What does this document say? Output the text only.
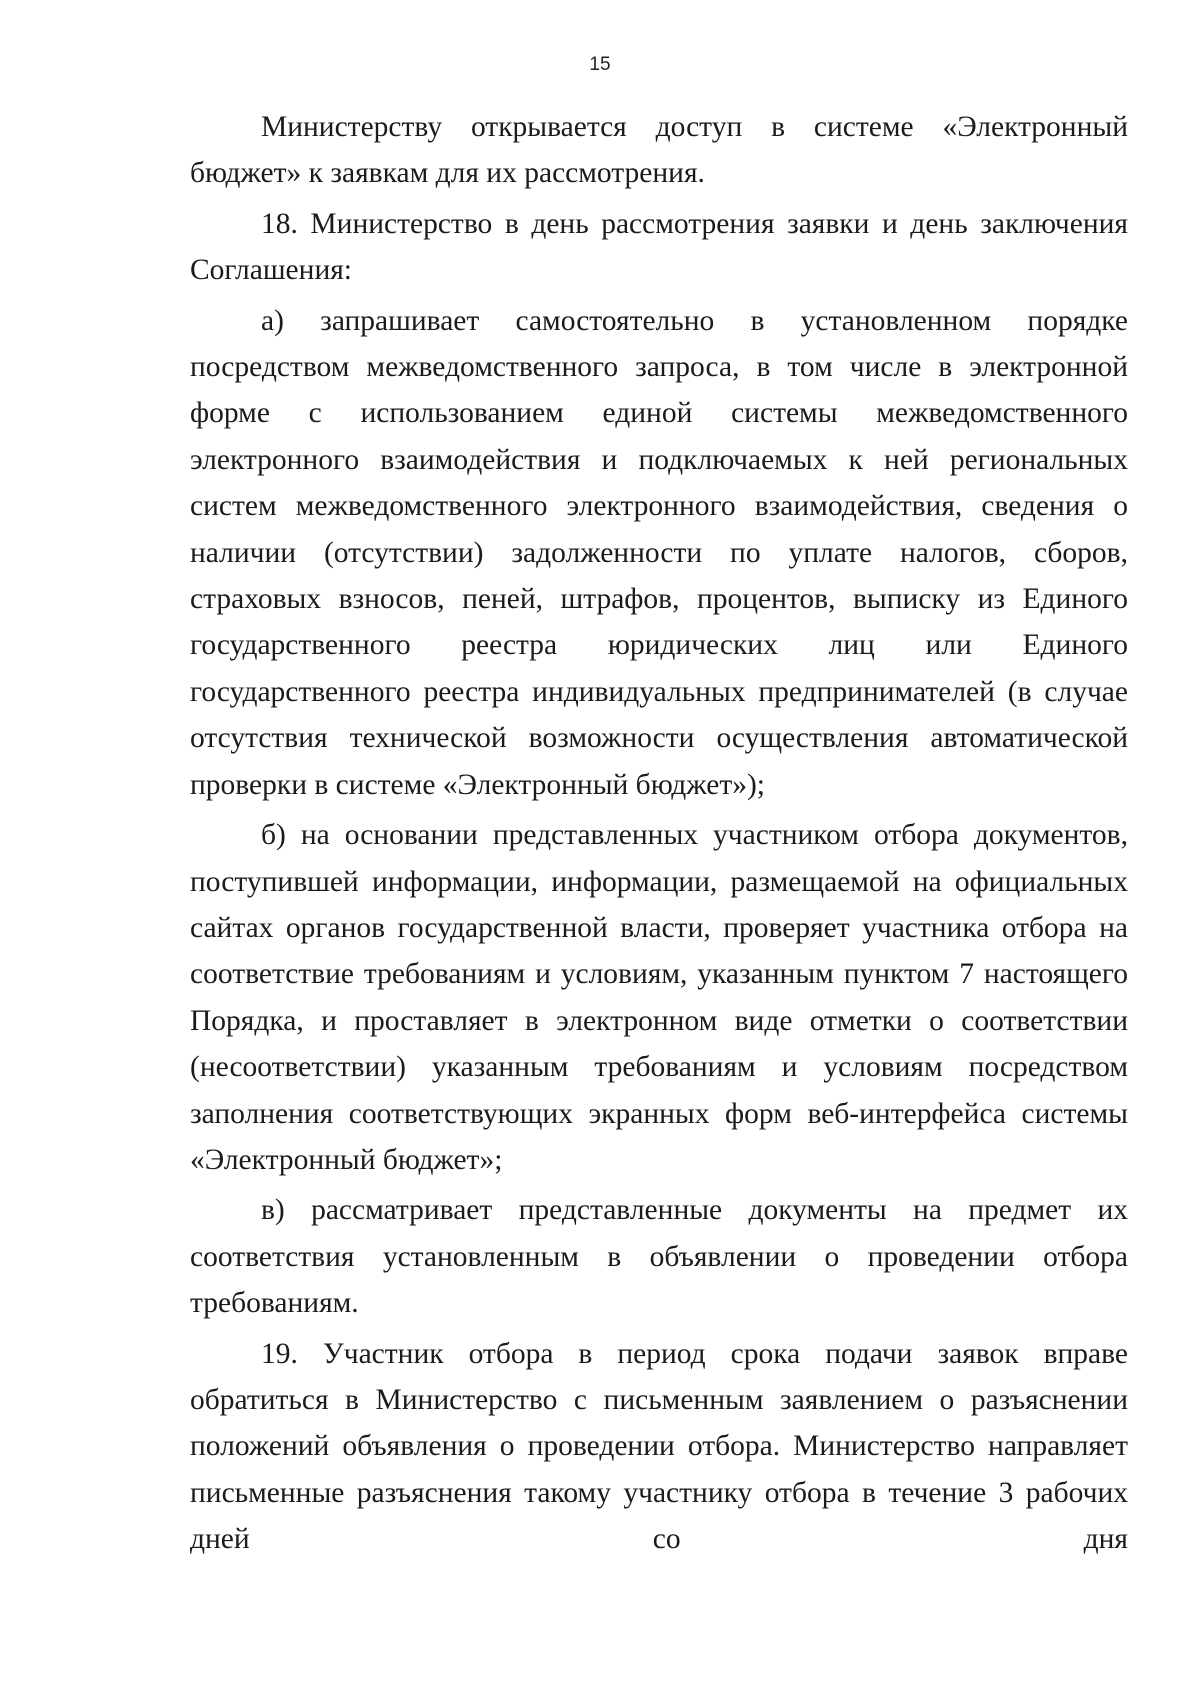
15

Министерству открывается доступ в системе «Электронный бюджет» к заявкам для их рассмотрения.

18. Министерство в день рассмотрения заявки и день заключения Соглашения:

а) запрашивает самостоятельно в установленном порядке посредством межведомственного запроса, в том числе в электронной форме с использованием единой системы межведомственного электронного взаимодействия и подключаемых к ней региональных систем межведомственного электронного взаимодействия, сведения о наличии (отсутствии) задолженности по уплате налогов, сборов, страховых взносов, пеней, штрафов, процентов, выписку из Единого государственного реестра юридических лиц или Единого государственного реестра индивидуальных предпринимателей (в случае отсутствия технической возможности осуществления автоматической проверки в системе «Электронный бюджет»);

б) на основании представленных участником отбора документов, поступившей информации, информации, размещаемой на официальных сайтах органов государственной власти, проверяет участника отбора на соответствие требованиям и условиям, указанным пунктом 7 настоящего Порядка, и проставляет в электронном виде отметки о соответствии (несоответствии) указанным требованиям и условиям посредством заполнения соответствующих экранных форм веб-интерфейса системы «Электронный бюджет»;

в) рассматривает представленные документы на предмет их соответствия установленным в объявлении о проведении отбора требованиям.

19. Участник отбора в период срока подачи заявок вправе обратиться в Министерство с письменным заявлением о разъяснении положений объявления о проведении отбора. Министерство направляет письменные разъяснения такому участнику отбора в течение 3 рабочих дней со дня
